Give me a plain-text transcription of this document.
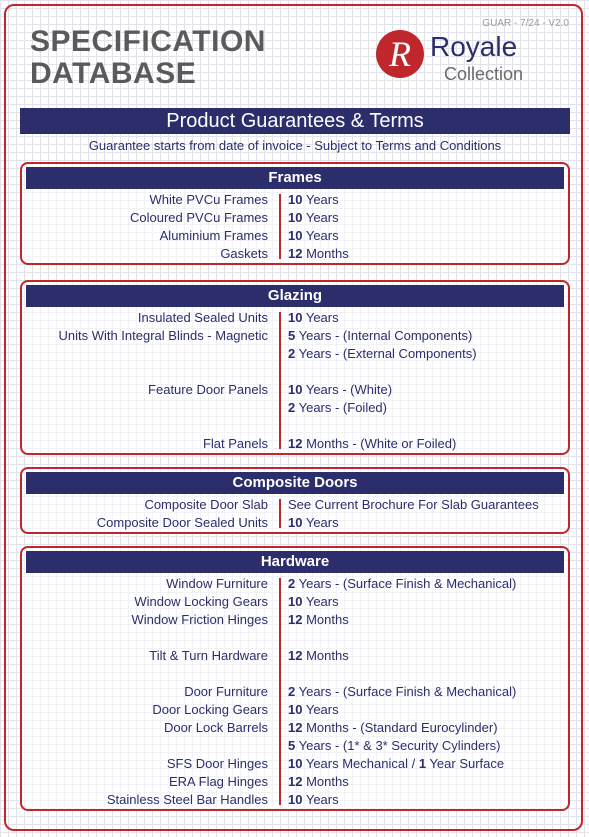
GUAR - 7/24 - V2.0
SPECIFICATION
DATABASE	R Royale
Collection
Product Guarantees & Terms
Guarantee starts from date of invoice - Subject to Terms and Conditions
Frames
White PVCu Frames	10 Years
Coloured PVCu Frames	10 Years
Aluminium Frames	10 Years
Gaskets	12 Months
Glazing
Insulated Sealed Units	10 Years
Units With Integral Blinds - Magnetic	5 Years - (Internal Components)
2 Years - (External Components)
Feature Door Panels	10 Years - (White)
2 Years - (Foiled)
Flat Panels	12 Months - (White or Foiled)
Composite Doors
Composite Door Slab	See Current Brochure For Slab Guarantees
Composite Door Sealed Units	10 Years
Hardware
Window Furniture	2 Years - (Surface Finish & Mechanical)
Window Locking Gears	10 Years
Window Friction Hinges	12 Months
Tilt & Turn Hardware	12 Months
Door Furniture	2 Years - (Surface Finish & Mechanical)
Door Locking Gears	10 Years
Door Lock Barrels	12 Months - (Standard Eurocylinder)
5 Years - (1* & 3* Security Cylinders)
SFS Door Hinges	10 Years Mechanical / 1 Year Surface
ERA Flag Hinges	12 Months
Stainless Steel Bar Handles	10 Years
